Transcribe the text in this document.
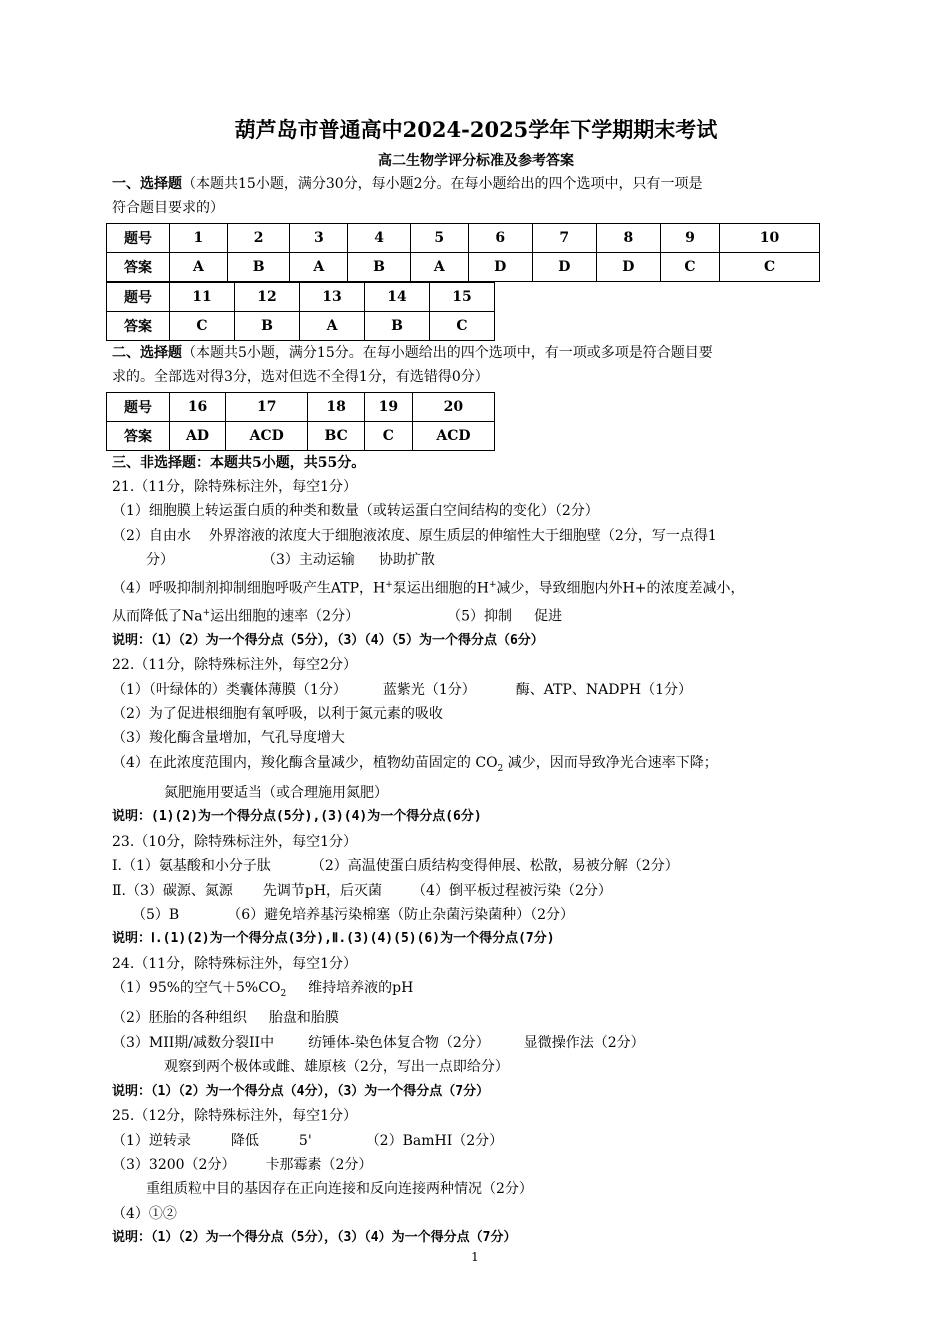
葫芦岛市普通高中2024-2025学年下学期期末考试
高二生物学评分标准及参考答案

一、选择题（本题共15小题，满分30分，每小题2分。在每小题给出的四个选项中，只有一项是
符合题目要求的）

题号	1	2	3	4	5	6	7	8	9	10
答案	A	B	A	B	A	D	D	D	C	C
题号	11	12	13	14	15
答案	C	B	A	B	C

二、选择题（本题共5小题，满分15分。在每小题给出的四个选项中，有一项或多项是符合题目要
求的。全部选对得3分，选对但选不全得1分，有选错得0分）

题号	16	17	18	19	20
答案	AD	ACD	BC	C	ACD

三、非选择题：本题共5小题，共55分。

21.（11分，除特殊标注外，每空1分）

（1）细胞膜上转运蛋白质的种类和数量（或转运蛋白空间结构的变化）（2分）

（2）自由水 外界溶液的浓度大于细胞液浓度、原生质层的伸缩性大于细胞壁（2分，写一点得1

分）	（3）主动运输 协助扩散

（4）呼吸抑制剂抑制细胞呼吸产生ATP，H+泵运出细胞的H+减少，导致细胞内外H+的浓度差减小，

从而降低了Na+运出细胞的速率（2分）	（5）抑制 促进

说明：（1）（2）为一个得分点（5分），（3）（4）（5）为一个得分点（6分）

22.（11分，除特殊标注外，每空2分）

（1）（叶绿体的）类囊体薄膜（1分）	蓝紫光（1分）	酶、ATP、NADPH（1分）

（2）为了促进根细胞有氧呼吸，以利于氮元素的吸收

（3）羧化酶含量增加，气孔导度增大

（4）在此浓度范围内，羧化酶含量减少，植物幼苗固定的 $CO_2$ 减少，因而导致净光合速率下降；

氮肥施用要适当（或合理施用氮肥）

说明：(1)(2)为一个得分点(5分),(3)(4)为一个得分点(6分)

23.（10分，除特殊标注外，每空1分）

Ⅰ.（1）氨基酸和小分子肽	（2）高温使蛋白质结构变得伸展、松散，易被分解（2分）

Ⅱ.（3）碳源、氮源 先调节pH，后灭菌 （4）倒平板过程被污染（2分）

（5）B	（6）避免培养基污染棉塞（防止杂菌污染菌种）（2分）

说明：Ⅰ.(1)(2)为一个得分点(3分),Ⅱ.(3)(4)(5)(6)为一个得分点(7分)

24.（11分，除特殊标注外，每空1分）

（1）95%的空气$+5\%CO_2$ 维持培养液的pH

（2）胚胎的各种组织 胎盘和胎膜

（3）MII期/减数分裂II中 纺锤体-染色体复合物（2分） 显微操作法（2分）

观察到两个极体或雌、雄原核（2分，写出一点即给分）

说明：（1）（2）为一个得分点（4分），（3）为一个得分点（7分）

25.（12分，除特殊标注外，每空1分）

（1）逆转录	降低	5'	（2）BamHI（2分）

（3）3200（2分） 卡那霉素（2分）

重组质粒中目的基因存在正向连接和反向连接两种情况（2分）

（4）①②

说明：（1）（2）为一个得分点（5分），（3）（4）为一个得分点（7分）

1
